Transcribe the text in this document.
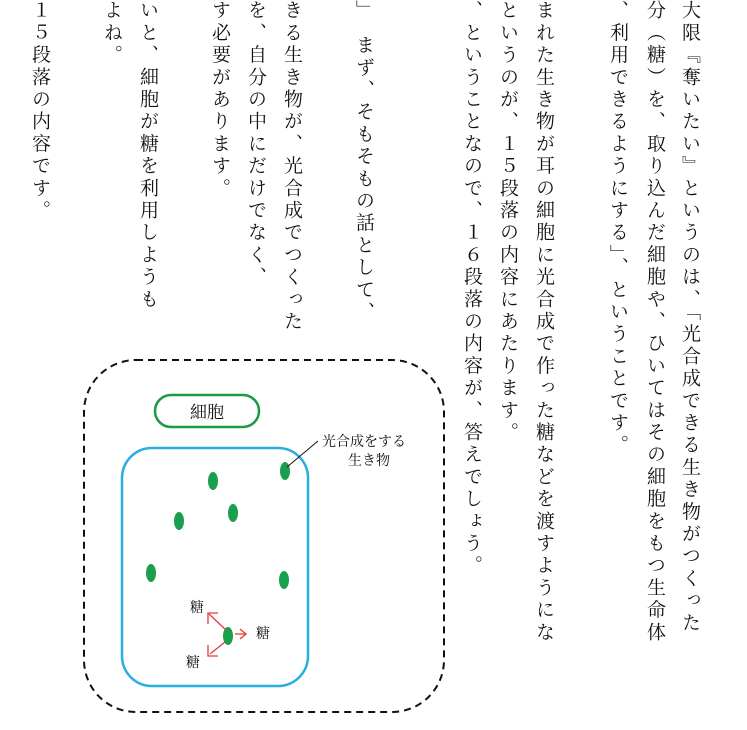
大限『奪いたい』というのは、「光合成できる生き物がつくった
分（糖）を、取り込んだ細胞や、ひいてはその細胞をもつ生命体
、利用できるようにする」、ということです。
まれた生き物が耳の細胞に光合成で作った糖などを渡すようにな
というのが、１５段落の内容にあたります。
、ということなので、１６段落の内容が、答えでしょう。
」　まず、そもそもの話として、
きる生き物が、光合成でつくった
を、自分の中にだけでなく、
す必要があります。
いと、細胞が糖を利用しようも
よね。
１５段落の内容です。
細胞
光合成をする
生き物
糖
糖
糖
